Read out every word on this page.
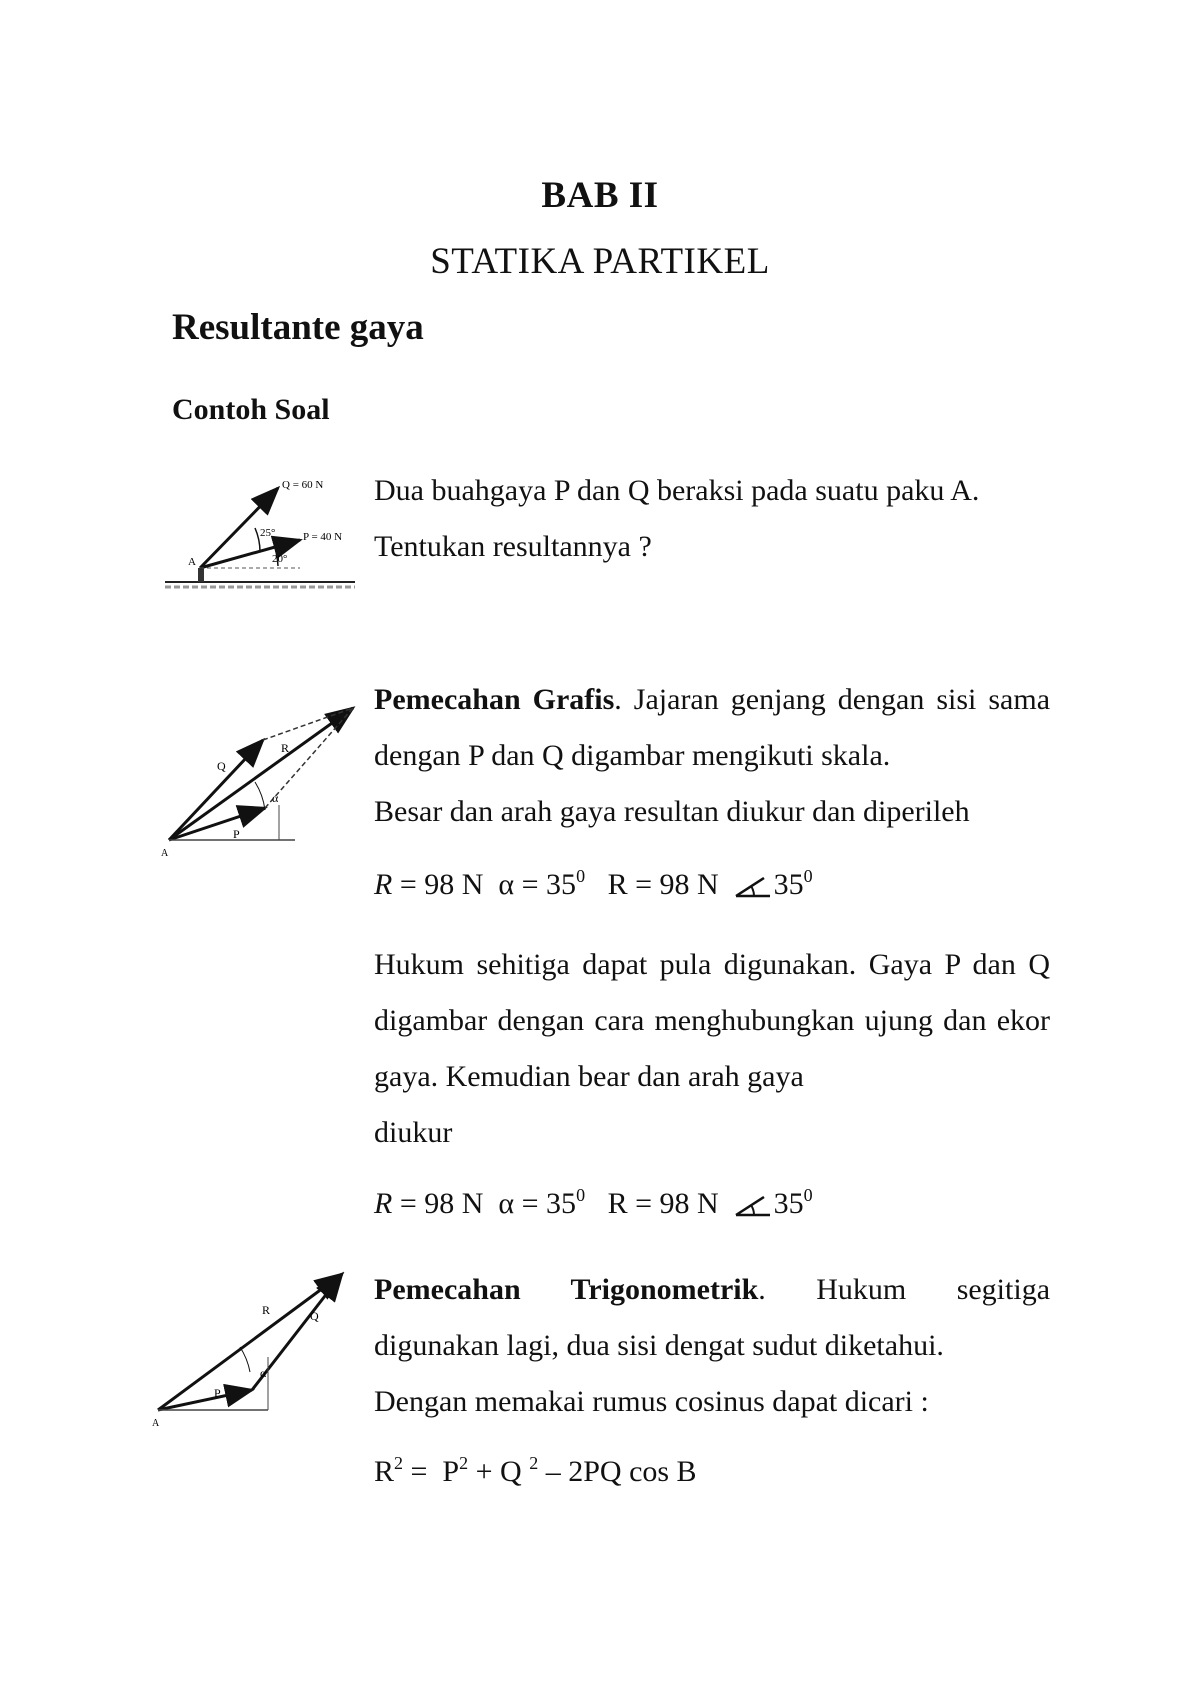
BAB II
STATIKA PARTIKEL
Resultante gaya
Contoh Soal
Q = 60 N
P = 40 N
25°
20°
A
Dua buahgaya P dan Q beraksi pada suatu paku A. Tentukan resultannya ?
Q
R
P
α
A
Pemecahan Grafis. Jajaran genjang dengan sisi sama dengan P dan Q digambar mengikuti skala.
Besar dan arah gaya resultan diukur dan diperileh
R = 98 N $\alpha = 35^0$ R = 98 N $35^0$
Hukum sehitiga dapat pula digunakan. Gaya P dan Q digambar dengan cara menghubungkan ujung dan ekor gaya. Kemudian bear dan arah gaya
diukur
R = 98 N $\alpha = 35^0$ R = 98 N $35^0$
R	Q
P
α
A
Pemecahan Trigonometrik. Hukum segitiga digunakan lagi, dua sisi dengat sudut diketahui.
Dengan memakai rumus cosinus dapat dicari :
$R^2 = P^2 + Q$ $^2$ – 2PQ cos B
